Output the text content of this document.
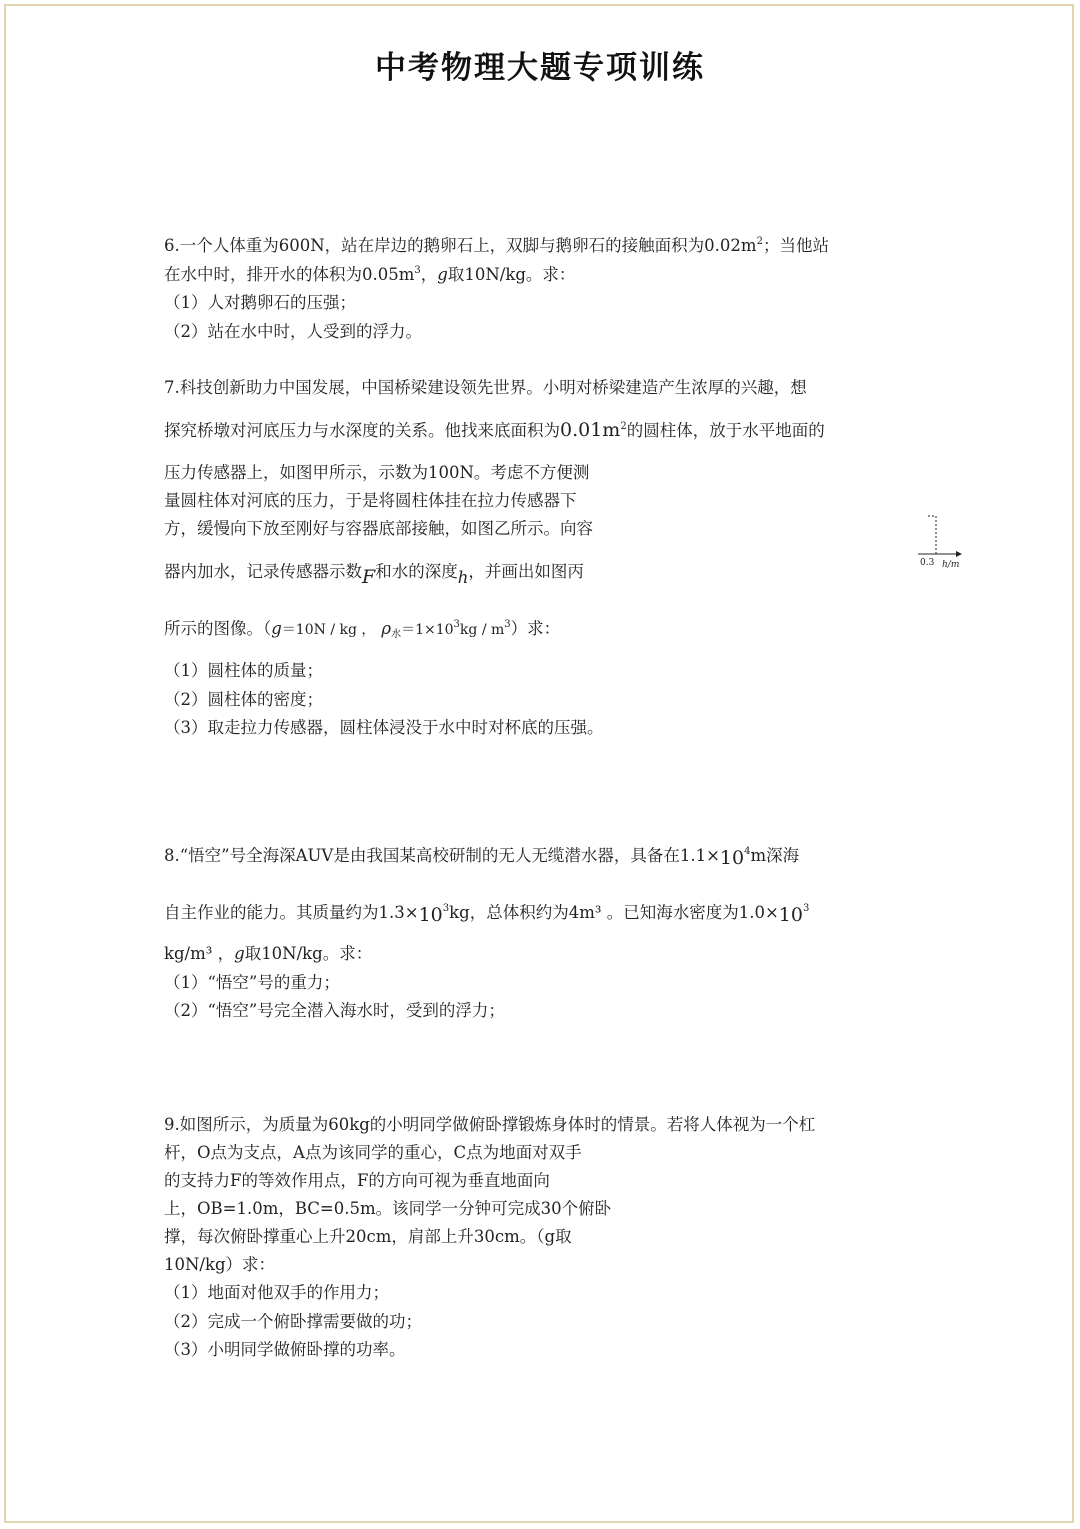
中考物理大题专项训练
6.一个人体重为600N，站在岸边的鹅卵石上，双脚与鹅卵石的接触面积为$0.02m^2$；当他站
在水中时，排开水的体积为$0.05m^3$，g取10N/kg。求：
（1）人对鹅卵石的压强；
（2）站在水中时，人受到的浮力。
7.科技创新助力中国发展，中国桥梁建设领先世界。小明对桥梁建造产生浓厚的兴趣，想
探究桥墩对河底压力与水深度的关系。他找来底面积为$0.01m^2$的圆柱体，放于水平地面的
压力传感器上，如图甲所示，示数为100N。考虑不方便测
量圆柱体对河底的压力，于是将圆柱体挂在拉力传感器下
方，缓慢向下放至刚好与容器底部接触，如图乙所示。向容
器内加水，记录传感器示数F和水的深度h，并画出如图丙
所示的图像。（g＝10N / kg ， ρ水$=1\times 10^3kg / m^3$）求：
（1）圆柱体的质量；
（2）圆柱体的密度；
（3）取走拉力传感器，圆柱体浸没于水中时对杯底的压强。
0.3 h/m
8.“悟空”号全海深AUV是由我国某高校研制的无人无缆潜水器，具备在$1.1\times 10^4m$深海
自主作业的能力。其质量约为$1.3\times 10^3kg$，总体积约为4m³ 。已知海水密度为$1.0\times 10^3$
kg/m³ ，g取10N/kg。求：
（1）“悟空”号的重力；
（2）“悟空”号完全潜入海水时，受到的浮力；
9.如图所示，为质量为60kg的小明同学做俯卧撑锻炼身体时的情景。若将人体视为一个杠
杆，O点为支点，A点为该同学的重心，C点为地面对双手
的支持力F的等效作用点，F的方向可视为垂直地面向
上，OB=1.0m，BC=0.5m。该同学一分钟可完成30个俯卧
撑，每次俯卧撑重心上升20cm，肩部上升30cm。（g取
10N/kg）求：
（1）地面对他双手的作用力；
（2）完成一个俯卧撑需要做的功；
（3）小明同学做俯卧撑的功率。
